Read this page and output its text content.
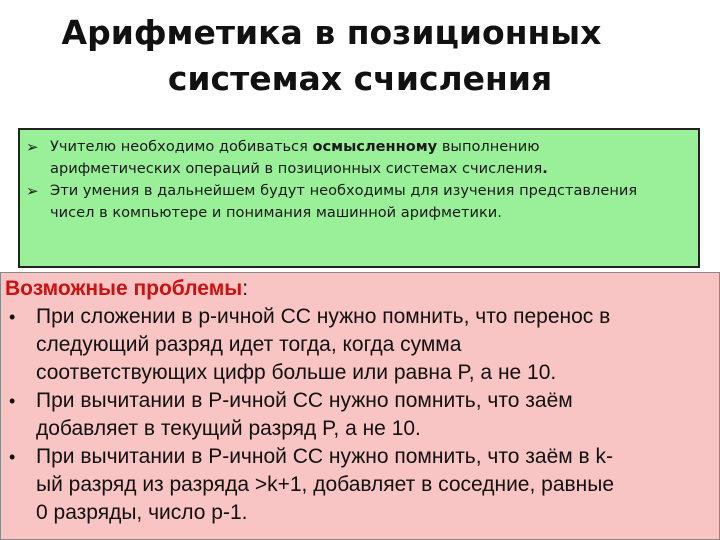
Арифметика в позиционных
системах счисления
➢ Учителю необходимо добиваться осмысленному выполнению
арифметических операций в позиционных системах счисления.
➢ Эти умения в дальнейшем будут необходимы для изучения представления
чисел в компьютере и понимания машинной арифметики.
Возможные проблемы:
• При сложении в p-ичной СС нужно помнить, что перенос в
следующий разряд идет тогда, когда сумма
соответствующих цифр больше или равна P, а не 10.
• При вычитании в P-ичной СС нужно помнить, что заём
добавляет в текущий разряд P, а не 10.
• При вычитании в P-ичной СС нужно помнить, что заём в k-
ый разряд из разряда >k+1, добавляет в соседние, равные
0 разряды, число p-1.
